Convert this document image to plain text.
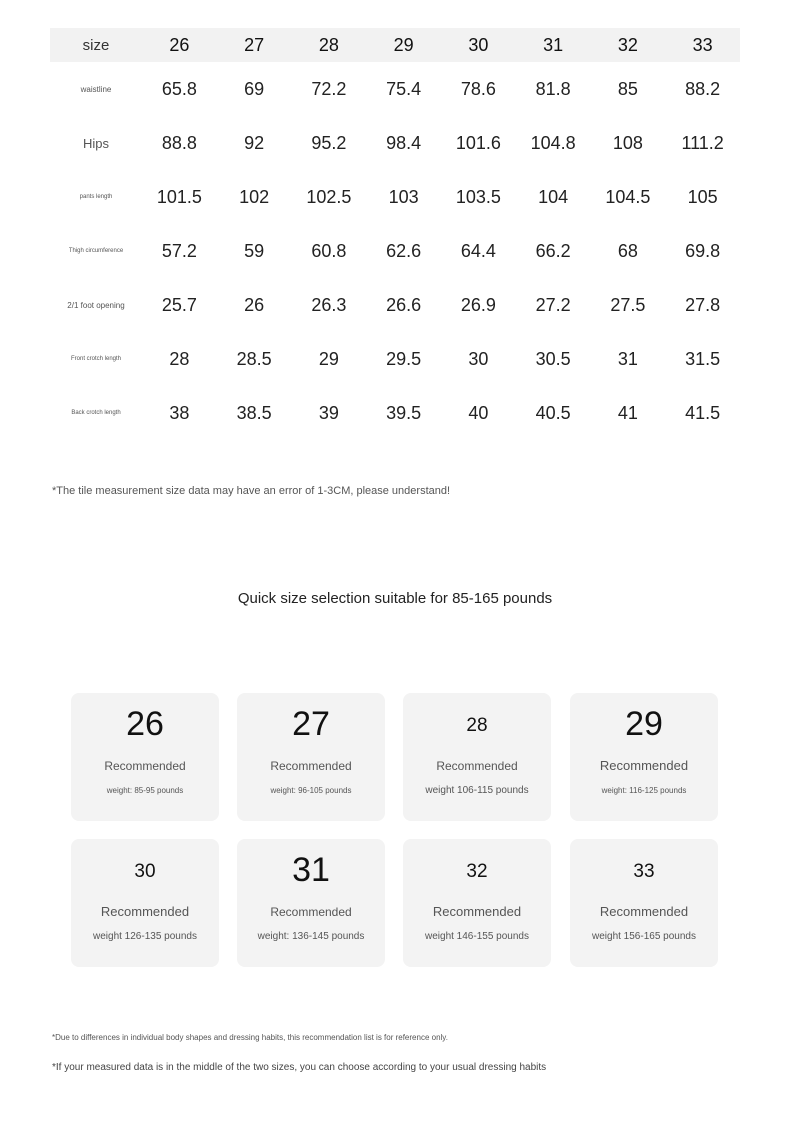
size	26	27	28	29	30	31	32	33
waistline	65.8	69	72.2	75.4	78.6	81.8	85	88.2
Hips	88.8	92	95.2	98.4	101.6	104.8	108	111.2
pants length	101.5	102	102.5	103	103.5	104	104.5	105
Thigh circumference	57.2	59	60.8	62.6	64.4	66.2	68	69.8
2/1 foot opening	25.7	26	26.3	26.6	26.9	27.2	27.5	27.8
Front crotch length	28	28.5	29	29.5	30	30.5	31	31.5
Back crotch length	38	38.5	39	39.5	40	40.5	41	41.5
*The tile measurement size data may have an error of 1-3CM, please understand!
Quick size selection suitable for 85-165 pounds
26
Recommended
weight: 85-95 pounds
27
Recommended
weight: 96-105 pounds
28
Recommended
weight 106-115 pounds
29
Recommended
weight: 116-125 pounds
30
Recommended
weight 126-135 pounds
31
Recommended
weight: 136-145 pounds
32
Recommended
weight 146-155 pounds
33
Recommended
weight 156-165 pounds
*Due to differences in individual body shapes and dressing habits, this recommendation list is for reference only.
*If your measured data is in the middle of the two sizes, you can choose according to your usual dressing habits
